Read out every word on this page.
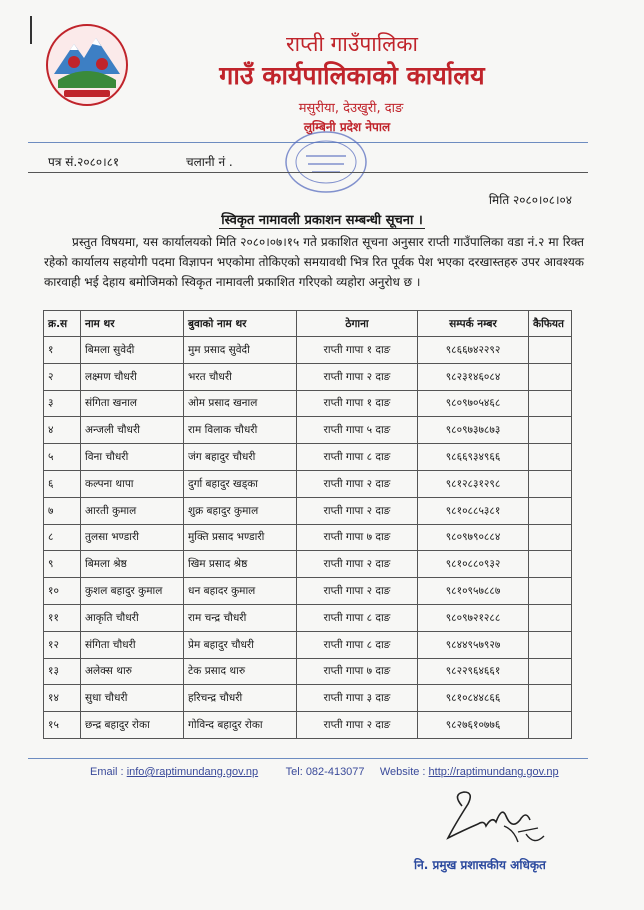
राप्ती गाउँपालिका
गाउँ कार्यपालिकाको कार्यालय
मसुरीया, देउखुरी, दाङ
लुम्बिनी प्रदेश नेपाल
पत्र सं.२०८०।८१	चलानी नं .
मिति २०८०।०८।०४
स्विकृत नामावली प्रकाशन सम्बन्धी सूचना ।
प्रस्तुत विषयमा, यस कार्यालयको मिति २०८०।०७।१५ गते प्रकाशित सूचना अनुसार राप्ती गाउँपालिका वडा नं.२ मा रिक्त रहेको कार्यालय सहयोगी पदमा विज्ञापन भएकोमा तोकिएको समयावधी भित्र रित पूर्वक पेश भएका दरखास्तहरु उपर आवश्यक कारवाही भई देहाय बमोजिमको स्विकृत नामावली प्रकाशित गरिएको व्यहोरा अनुरोध छ ।
क्र.स	नाम थर	बुवाको नाम थर	ठेगाना	सम्पर्क नम्बर	कैफियत
१	बिमला सुवेदी	मुम प्रसाद सुवेदी	राप्ती गापा १ दाङ	९८६६७४२२९२	
२	लक्ष्मण चौधरी	भरत चौधरी	राप्ती गापा २ दाङ	९८२३१४६०८४	
३	संगिता खनाल	ओम प्रसाद खनाल	राप्ती गापा १ दाङ	९८०९७०५४६८	
४	अन्जली चौधरी	राम विलाक चौधरी	राप्ती गापा ५ दाङ	९८०९७३७८७३	
५	विना चौधरी	जंग बहादुर चौधरी	राप्ती गापा ८ दाङ	९८६६९३४९६६	
६	कल्पना थापा	दुर्गा बहादुर खड्का	राप्ती गापा २ दाङ	९८१२८३१२९८	
७	आरती कुमाल	शुक्र बहादुर कुमाल	राप्ती गापा २ दाङ	९८१०८८५३८१	
८	तुलसा भण्डारी	मुक्ति प्रसाद भण्डारी	राप्ती गापा ७ दाङ	९८०९७९०८८४	
९	बिमला श्रेष्ठ	खिम प्रसाद श्रेष्ठ	राप्ती गापा २ दाङ	९८१०८८०९३२	
१०	कुशल बहादुर कुमाल	धन बहादर कुमाल	राप्ती गापा २ दाङ	९८१०९५७८८७	
११	आकृति चौधरी	राम चन्द्र चौधरी	राप्ती गापा ८ दाङ	९८०९७२१२८८	
१२	संगिता चौधरी	प्रेम बहादुर चौधरी	राप्ती गापा ८ दाङ	९८४४९५७९२७	
१३	अलेक्स थारु	टेक प्रसाद थारु	राप्ती गापा ७ दाङ	९८२२९६४६६१	
१४	सुधा चौधरी	हरिचन्द्र चौधरी	राप्ती गापा ३ दाङ	९८१०८४४८६६	
१५	छन्द्र बहादुर रोका	गोविन्द बहादुर रोका	राप्ती गापा २ दाङ	९८२७६१०७७६	
Email : info@raptimundang.gov.np	Tel: 082-413077 Website : http://raptimundang.gov.np
नि. प्रमुख प्रशासकीय अधिकृत
